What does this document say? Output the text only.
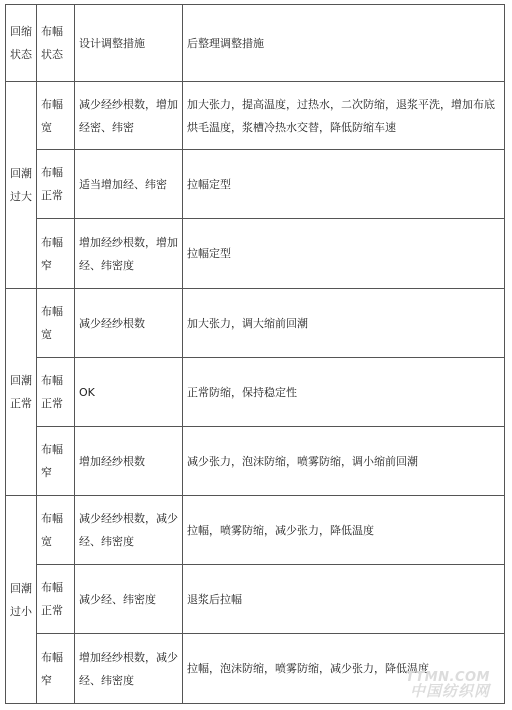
回缩状态	布幅状态	设计调整措施	后整理调整措施
回潮过大	布幅宽	减少经纱根数，增加经密、纬密	加大张力，提高温度，过热水，二次防缩，退浆平洗，增加布底烘毛温度，浆槽冷热水交替，降低防缩车速
	布幅正常	适当增加经、纬密	拉幅定型
	布幅窄	增加经纱根数，增加经、纬密度	拉幅定型
回潮正常	布幅宽	减少经纱根数	加大张力，调大缩前回潮
	布幅正常	OK	正常防缩，保持稳定性
	布幅窄	增加经纱根数	减少张力，泡沫防缩，喷雾防缩，调小缩前回潮
回潮过小	布幅宽	减少经纱根数，减少经、纬密度	拉幅，喷雾防缩，减少张力，降低温度
	布幅正常	减少经、纬密度	退浆后拉幅
	布幅窄	增加经纱根数，减少经、纬密度	拉幅，泡沫防缩，喷雾防缩，减少张力，降低温度
TTMN.COM
中国纺织网
